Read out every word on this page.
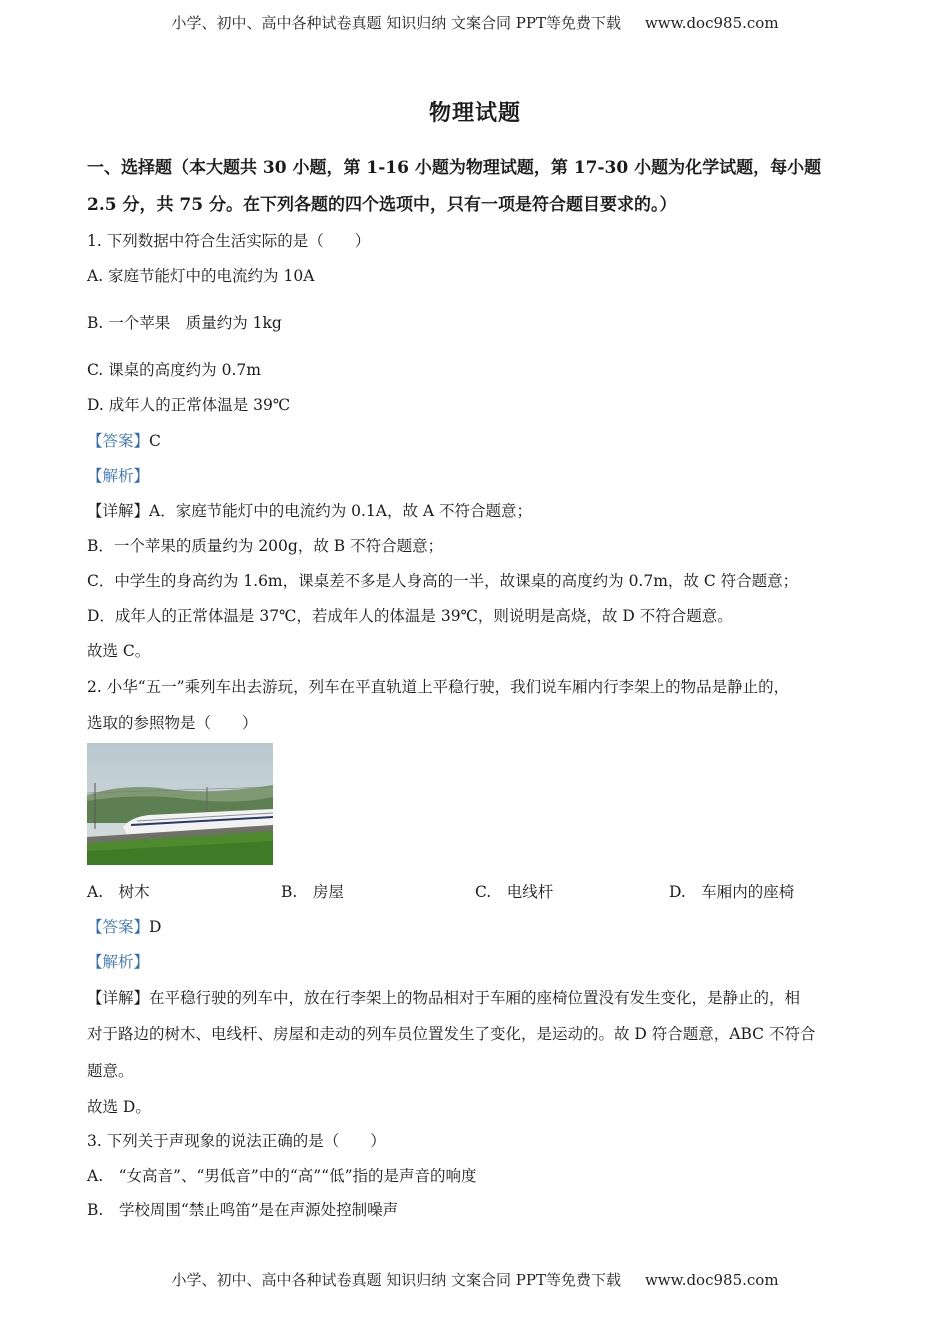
小学、初中、高中各种试卷真题 知识归纳 文案合同 PPT等免费下载 www.doc985.com
物理试题
一、选择题（本大题共 30 小题，第 1-16 小题为物理试题，第 17-30 小题为化学试题，每小题
2.5 分，共 75 分。在下列各题的四个选项中，只有一项是符合题目要求的。）
1. 下列数据中符合生活实际的是（　　）
A. 家庭节能灯中的电流约为 10A
B. 一个苹果　质量约为 1kg
C. 课桌的高度约为 0.7m
D. 成年人的正常体温是 39℃
【答案】C
【解析】
【详解】A．家庭节能灯中的电流约为 0.1A，故 A 不符合题意；
B．一个苹果的质量约为 200g，故 B 不符合题意；
C．中学生的身高约为 1.6m，课桌差不多是人身高的一半，故课桌的高度约为 0.7m，故 C 符合题意；
D．成年人的正常体温是 37℃，若成年人的体温是 39℃，则说明是高烧，故 D 不符合题意。
故选 C。
2. 小华“五一”乘列车出去游玩，列车在平直轨道上平稳行驶，我们说车厢内行李架上的物品是静止的，
选取的参照物是（　　）
A.　树木	B.　房屋	C.　电线杆	D.　车厢内的座椅
【答案】D
【解析】
【详解】在平稳行驶的列车中，放在行李架上的物品相对于车厢的座椅位置没有发生变化，是静止的，相
对于路边的树木、电线杆、房屋和走动的列车员位置发生了变化，是运动的。故 D 符合题意，ABC 不符合
题意。
故选 D。
3. 下列关于声现象的说法正确的是（　　）
A.　“女高音”、“男低音”中的“高”“低”指的是声音的响度
B.　学校周围“禁止鸣笛”是在声源处控制噪声
小学、初中、高中各种试卷真题 知识归纳 文案合同 PPT等免费下载 www.doc985.com
